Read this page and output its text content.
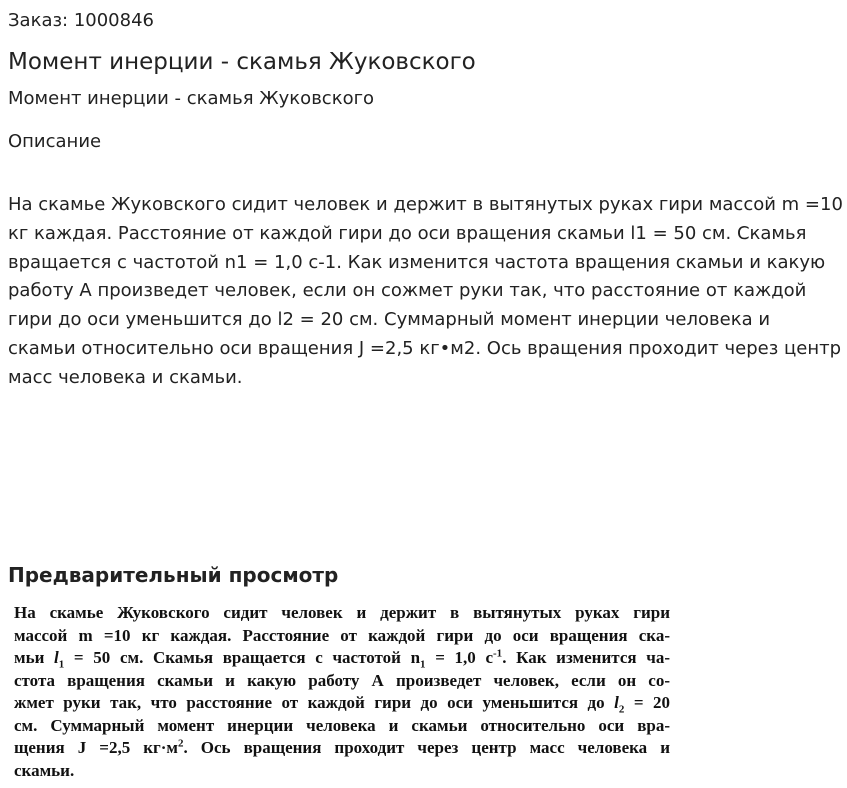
Заказ: 1000846
Момент инерции - скамья Жуковского
Момент инерции - скамья Жуковского
Описание
На скамье Жуковского сидит человек и держит в вытянутых руках гири массой m =10 кг каждая. Расстояние от каждой гири до оси вращения скамьи l1 = 50 см. Скамья вращается с частотой n1 = 1,0 с-1. Как изменится частота вращения скамьи и какую работу А произведет человек, если он сожмет руки так, что расстояние от каждой гири до оси уменьшится до l2 = 20 см. Суммарный момент инерции человека и скамьи относительно оси вращения J =2,5 кг•м2. Ось вращения проходит через центр масс человека и скамьи.
Предварительный просмотр
На скамье Жуковского сидит человек и держит в вытянутых руках гири
массой m =10 кг каждая. Расстояние от каждой гири до оси вращения ска-
мьи $l_1 = 50$ см. Скамья вращается с частотой $n_1 = 1,0$ $с^{-1}$. Как изменится ча-
стота вращения скамьи и какую работу А произведет человек, если он со-
жмет руки так, что расстояние от каждой гири до оси уменьшится до $l_2 = 20$
см. Суммарный момент инерции человека и скамьи относительно оси вра-
щения J =2,5 $кг\cdot м^2$. Ось вращения проходит через центр масс человека и
скамьи.
